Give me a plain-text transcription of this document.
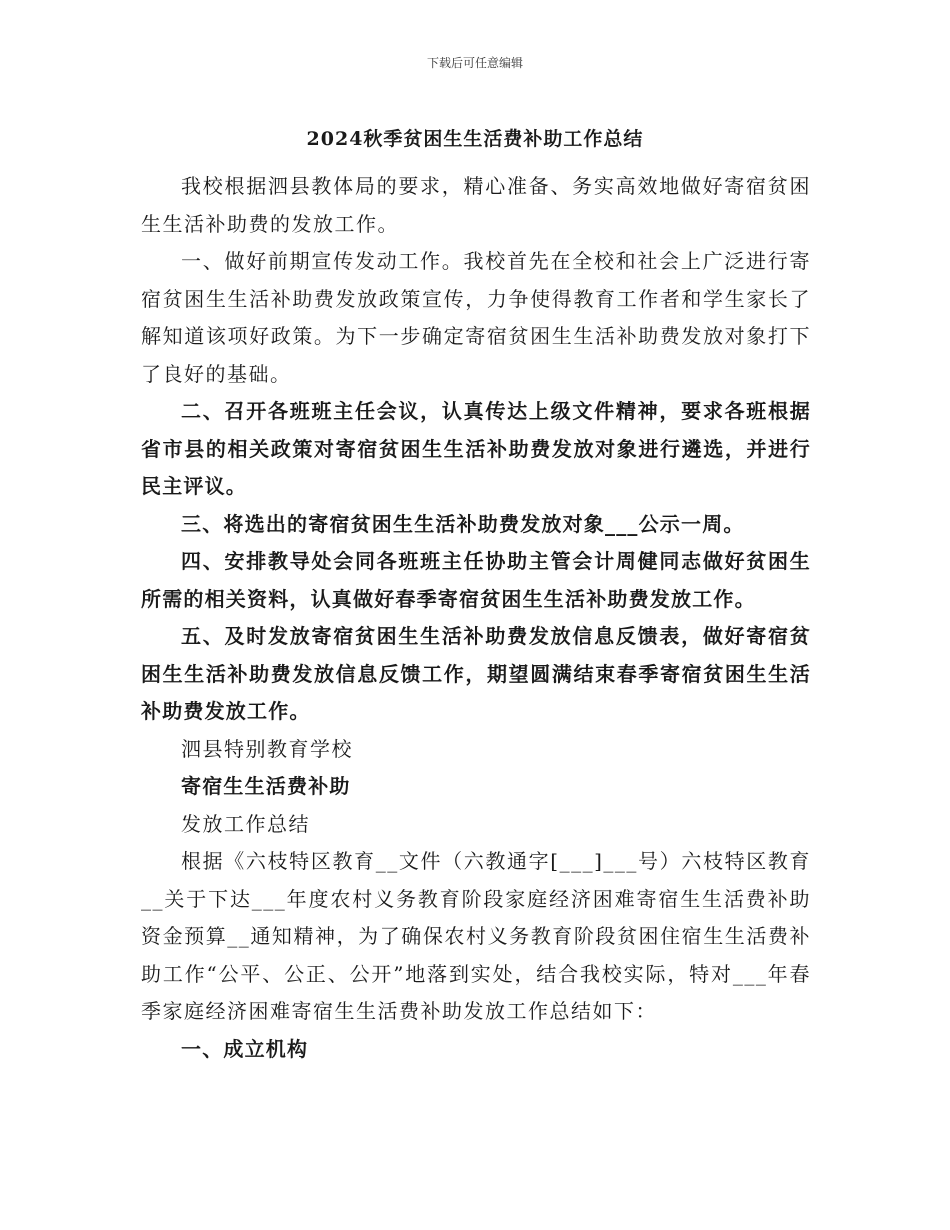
下载后可任意编辑
2024秋季贫困生生活费补助工作总结

我校根据泗县教体局的要求，精心准备、务实高效地做好寄宿贫困生生活补助费的发放工作。

一、做好前期宣传发动工作。我校首先在全校和社会上广泛进行寄宿贫困生生活补助费发放政策宣传，力争使得教育工作者和学生家长了解知道该项好政策。为下一步确定寄宿贫困生生活补助费发放对象打下了良好的基础。

二、召开各班班主任会议，认真传达上级文件精神，要求各班根据省市县的相关政策对寄宿贫困生生活补助费发放对象进行遴选，并进行民主评议。

三、将选出的寄宿贫困生生活补助费发放对象___公示一周。

四、安排教导处会同各班班主任协助主管会计周健同志做好贫困生所需的相关资料，认真做好春季寄宿贫困生生活补助费发放工作。

五、及时发放寄宿贫困生生活补助费发放信息反馈表，做好寄宿贫困生生活补助费发放信息反馈工作，期望圆满结束春季寄宿贫困生生活补助费发放工作。

泗县特别教育学校

寄宿生生活费补助

发放工作总结

根据《六枝特区教育__文件（六教通字[___]___号）六枝特区教育__关于下达___年度农村义务教育阶段家庭经济困难寄宿生生活费补助资金预算__通知精神，为了确保农村义务教育阶段贫困住宿生生活费补助工作“公平、公正、公开”地落到实处，结合我校实际，特对___年春季家庭经济困难寄宿生生活费补助发放工作总结如下：

一、成立机构
